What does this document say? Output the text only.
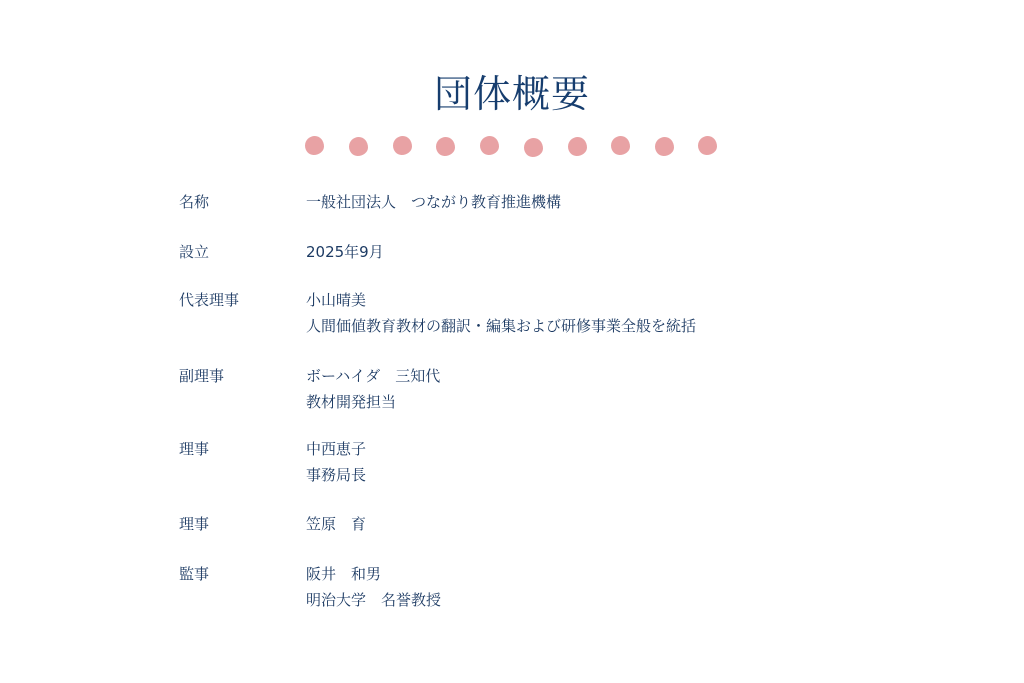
団体概要
名称	一般社団法人　つながり教育推進機構
設立	2025年9月
代表理事	小山晴美
人間価値教育教材の翻訳・編集および研修事業全般を統括
副理事	ボーハイダ　三知代
教材開発担当
理事	中西恵子
事務局長
理事	笠原　育
監事	阪井　和男
明治大学　名誉教授
